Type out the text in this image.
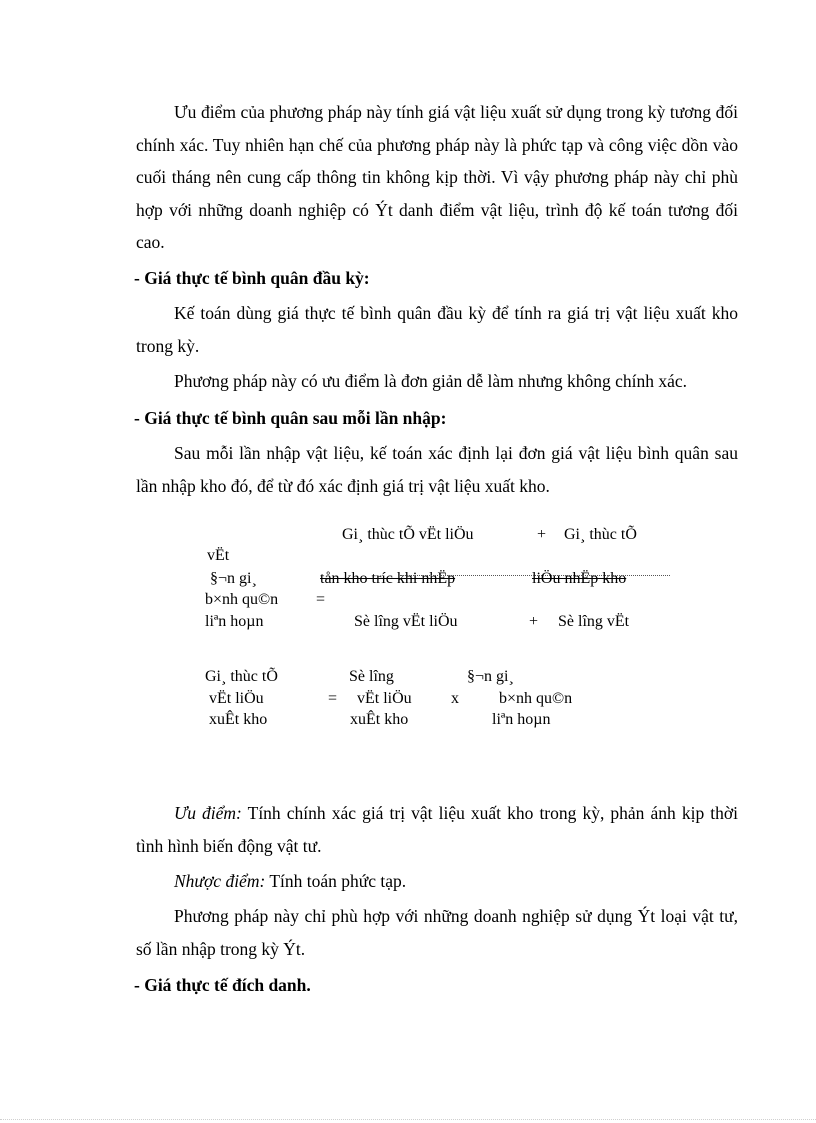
Ưu điểm của phương pháp này tính giá vật liệu xuất sử dụng trong kỳ tương đối chính xác. Tuy nhiên hạn chế của phương pháp này là phức tạp và công việc dồn vào cuối tháng nên cung cấp thông tin không kịp thời. Vì vậy phương pháp này chỉ phù hợp với những doanh nghiệp có Ýt danh điểm vật liệu, trình độ kế toán tương đối cao.

- Giá thực tế bình quân đầu kỳ:

Kế toán dùng giá thực tế bình quân đầu kỳ để tính ra giá trị vật liệu xuất kho trong kỳ.

Phương pháp này có ưu điểm là đơn giản dễ làm nhưng không chính xác.

- Giá thực tế bình quân sau mỗi lần nhập:

Sau mỗi lần nhập vật liệu, kế toán xác định lại đơn giá vật liệu bình quân sau lần nhập kho đó, để từ đó xác định giá trị vật liệu xuất kho.

Gi¸ thùc tÕ vËt liÖu	+ Gi¸ thùc tÕ
vËt
§¬n gi¸	tån kho tríc khi nhËp	liÖu nhËp kho
b×nh qu©n =
liªn hoµn	Sè lîng vËt liÖu	+ Sè lîng vËt
Gi¸ thùc tÕ	Sè lîng	§¬n gi¸
vËt liÖu	= vËt liÖu x	b×nh qu©n
xuÊt kho	xuÊt kho	liªn hoµn

Ưu điểm: Tính chính xác giá trị vật liệu xuất kho trong kỳ, phản ánh kịp thời tình hình biến động vật tư.

Nhược điểm: Tính toán phức tạp.

Phương pháp này chỉ phù hợp với những doanh nghiệp sử dụng Ýt loại vật tư, số lần nhập trong kỳ Ýt.

- Giá thực tế đích danh.
